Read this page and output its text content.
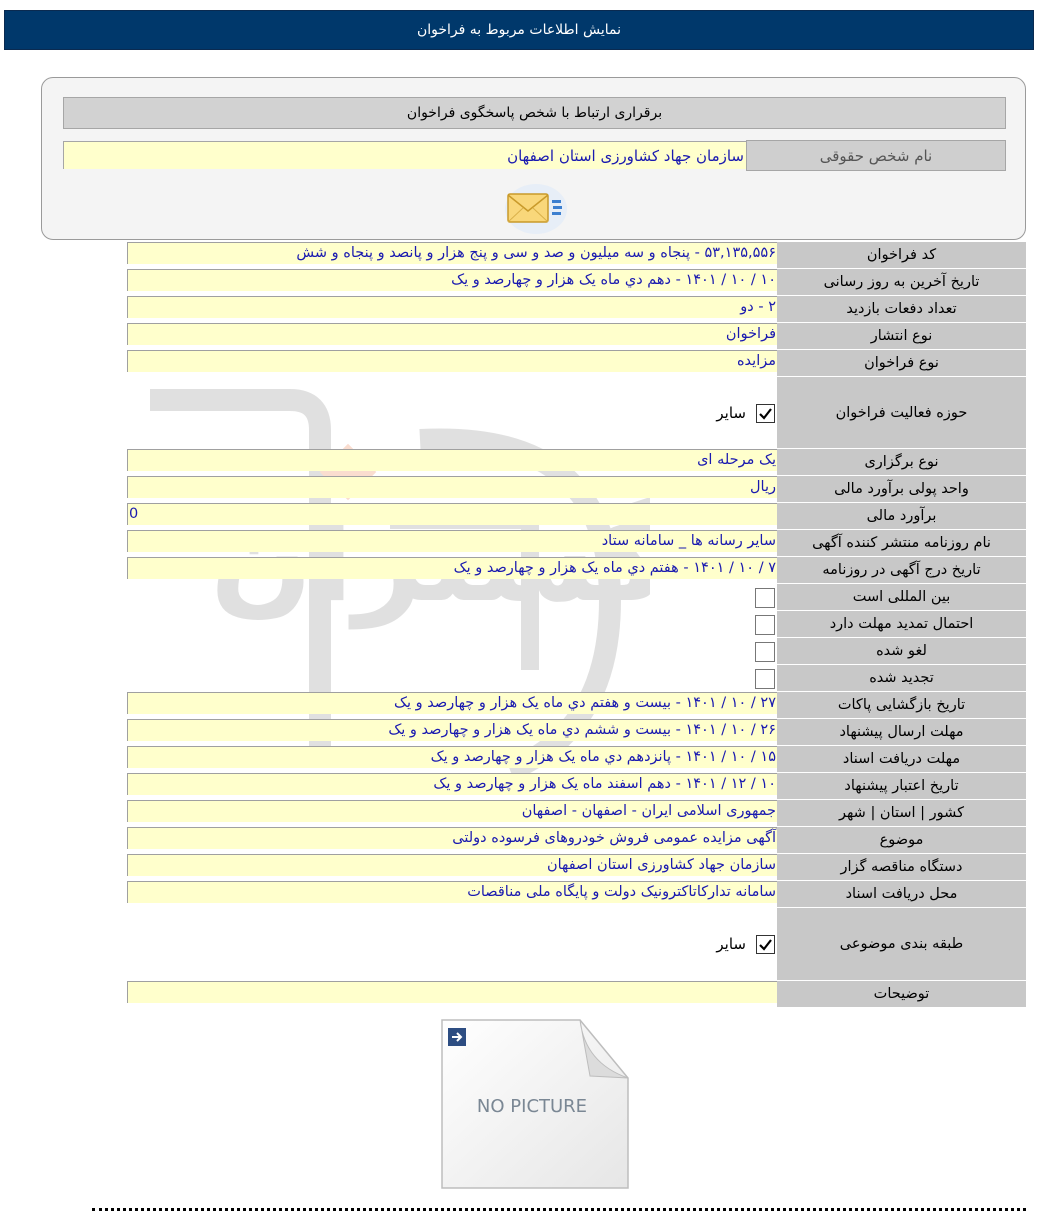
نمایش اطلاعات مربوط به فراخوان
برقراری ارتباط با شخص پاسخگوی فراخوان
نام شخص حقوقی
سازمان جهاد کشاورزی استان اصفهان
کد فراخوان
۵۳,۱۳۵,۵۵۶ - پنجاه و سه میلیون و صد و سی و پنج هزار و پانصد و پنجاه و شش
تاریخ آخرین به روز رسانی
۱۰ / ۱۰ / ۱۴۰۱ - دهم دي ماه یک هزار و چهارصد و یک
تعداد دفعات بازدید
۲ - دو
نوع انتشار
فراخوان
نوع فراخوان
مزایده
حوزه فعالیت فراخوان
سایر
نوع برگزاری
یک مرحله ای
واحد پولی برآورد مالی
ریال
برآورد مالی
0
نام روزنامه منتشر کننده آگهی
سایر رسانه ها _ سامانه ستاد
تاریخ درج آگهی در روزنامه
۷ / ۱۰ / ۱۴۰۱ - هفتم دي ماه یک هزار و چهارصد و یک
بین المللی است
احتمال تمدید مهلت دارد
لغو شده
تجدید شده
تاریخ بازگشایی پاکات
۲۷ / ۱۰ / ۱۴۰۱ - بیست و هفتم دي ماه یک هزار و چهارصد و یک
مهلت ارسال پیشنهاد
۲۶ / ۱۰ / ۱۴۰۱ - بیست و ششم دي ماه یک هزار و چهارصد و یک
مهلت دریافت اسناد
۱۵ / ۱۰ / ۱۴۰۱ - پانزدهم دي ماه یک هزار و چهارصد و یک
تاریخ اعتبار پیشنهاد
۱۰ / ۱۲ / ۱۴۰۱ - دهم اسفند ماه یک هزار و چهارصد و یک
کشور | استان | شهر
جمهوری اسلامی ایران - اصفهان - اصفهان
موضوع
آگهی مزایده عمومی فروش خودروهای فرسوده دولتی
دستگاه مناقصه گزار
سازمان جهاد کشاورزی استان اصفهان
محل دریافت اسناد
سامانه تدارکاتاکترونیک دولت و پایگاه ملی مناقصات
طبقه بندی موضوعی
سایر
توضیحات
NO PICTURE
